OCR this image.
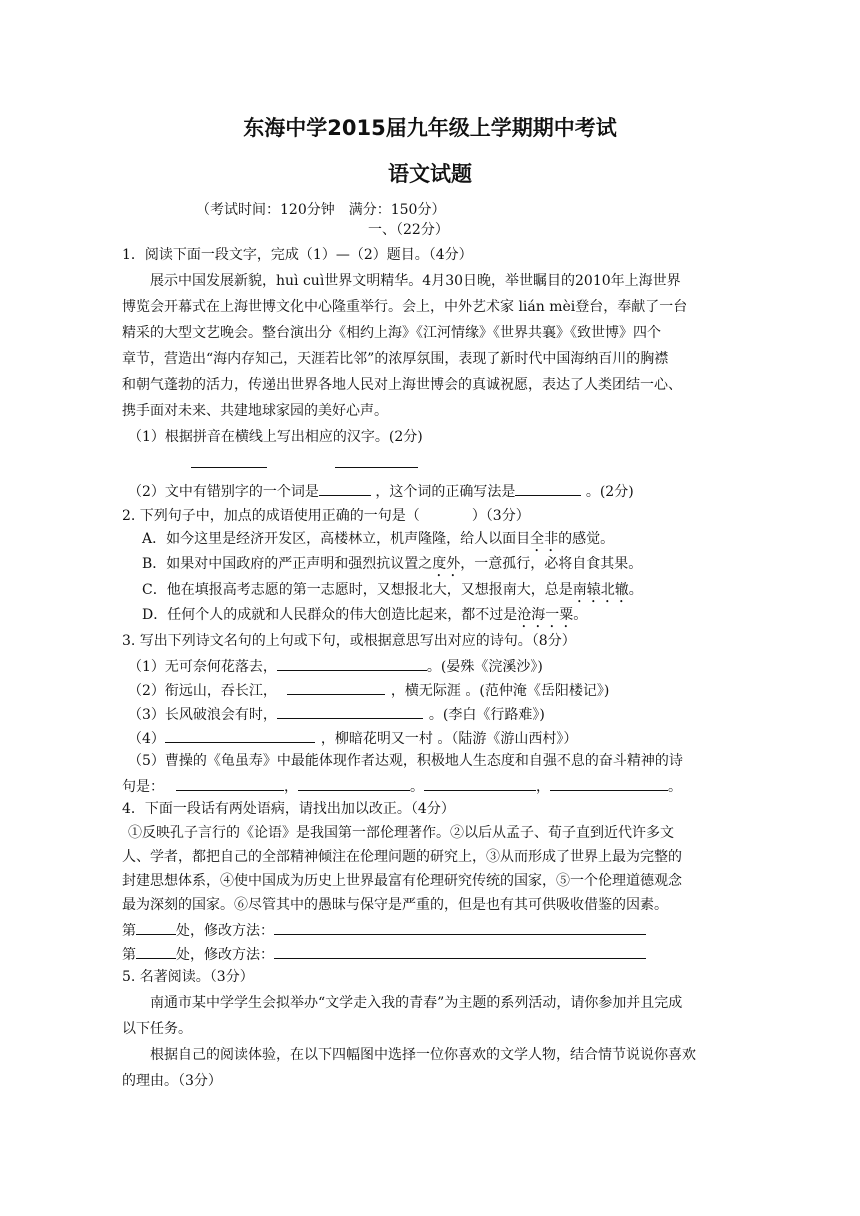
东海中学2015届九年级上学期期中考试
语文试题
（考试时间：120分钟　满分：150分）
一、（22分）
1．阅读下面一段文字，完成（1）—（2）题目。（4分）
展示中国发展新貌，huì cuì世界文明精华。4月30日晚，举世瞩目的2010年上海世界
博览会开幕式在上海世博文化中心隆重举行。会上，中外艺术家 lián mèi登台，奉献了一台
精采的大型文艺晚会。整台演出分《相约上海》《江河情缘》《世界共襄》《致世博》四个
章节，营造出“海内存知己，天涯若比邻”的浓厚氛围，表现了新时代中国海纳百川的胸襟
和朝气蓬勃的活力，传递出世界各地人民对上海世博会的真诚祝愿，表达了人类团结一心、
携手面对未来、共建地球家园的美好心声。
（1）根据拼音在横线上写出相应的汉字。(2分)
（2）文中有错别字的一个词是	，这个词的正确写法是	。(2分)
2. 下列句子中，加点的成语使用正确的一句是（	）（3分）
A．如今这里是经济开发区，高楼林立，机声隆隆，给人以面目全非的感觉。
B．如果对中国政府的严正声明和强烈抗议置之度外，一意孤行，必将自食其果。
C．他在填报高考志愿的第一志愿时，又想报北大，又想报南大，总是南辕北辙。
D．任何个人的成就和人民群众的伟大创造比起来，都不过是沧海一粟。
3. 写出下列诗文名句的上句或下句，或根据意思写出对应的诗句。（8分）
（1）无可奈何花落去，	。(晏殊《浣溪沙》)
（2）衔远山，吞长江，	，横无际涯 。(范仲淹《岳阳楼记》)
（3）长风破浪会有时，	。(李白《行路难》)
（4）	，柳暗花明又一村 。（陆游《游山西村》）
（5）曹操的《龟虽寿》中最能体现作者达观，积极地人生态度和自强不息的奋斗精神的诗
句是：	，	。	，	。
4．下面一段话有两处语病，请找出加以改正。（4分）
①反映孔子言行的《论语》是我国第一部伦理著作。②以后从孟子、荀子直到近代许多文
人、学者，都把自己的全部精神倾注在伦理问题的研究上，③从而形成了世界上最为完整的
封建思想体系，④使中国成为历史上世界最富有伦理研究传统的国家，⑤一个伦理道德观念
最为深刻的国家。⑥尽管其中的愚昧与保守是严重的，但是也有其可供吸收借鉴的因素。
第	处，修改方法：
第	处，修改方法：
5. 名著阅读。（3分）
南通市某中学学生会拟举办“文学走入我的青春”为主题的系列活动，请你参加并且完成
以下任务。
根据自己的阅读体验，在以下四幅图中选择一位你喜欢的文学人物，结合情节说说你喜欢
的理由。（3分）
